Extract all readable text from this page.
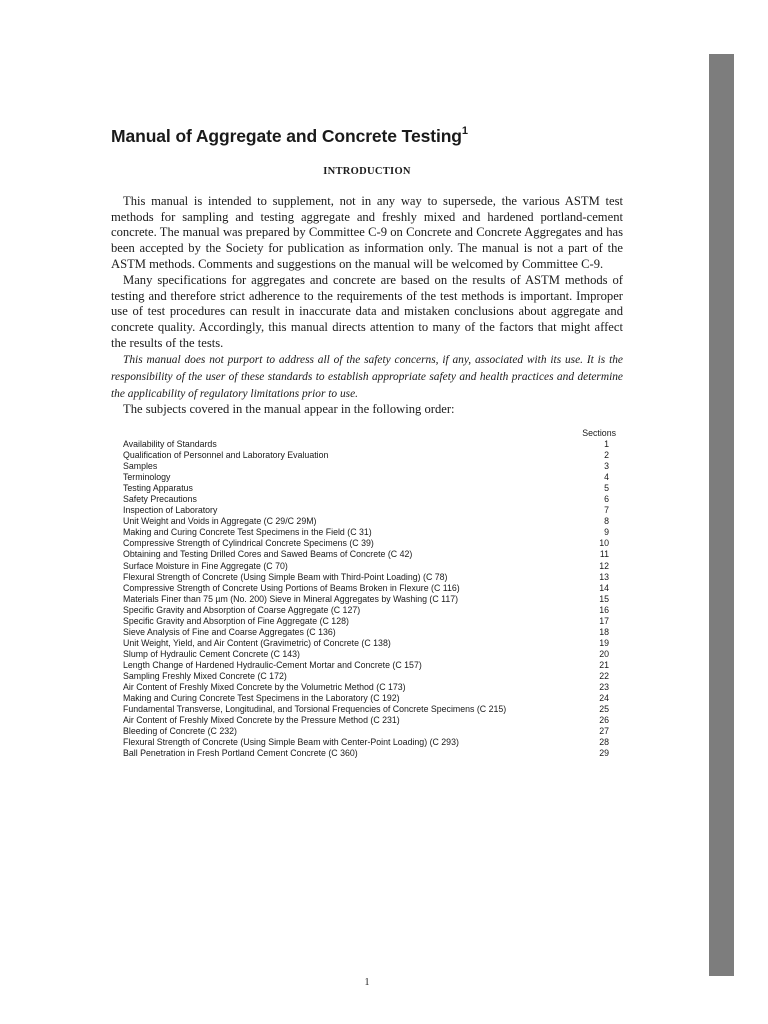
Manual of Aggregate and Concrete Testing$^1$
INTRODUCTION

This manual is intended to supplement, not in any way to supersede, the various ASTM test methods for sampling and testing aggregate and freshly mixed and hardened portland-cement concrete. The manual was prepared by Committee C-9 on Concrete and Concrete Aggregates and has been accepted by the Society for publication as information only. The manual is not a part of the ASTM methods. Comments and suggestions on the manual will be welcomed by Committee C-9.

Many specifications for aggregates and concrete are based on the results of ASTM methods of testing and therefore strict adherence to the requirements of the test methods is important. Improper use of test procedures can result in inaccurate data and mistaken conclusions about aggregate and concrete quality. Accordingly, this manual directs attention to many of the factors that might affect the results of the tests.

This manual does not purport to address all of the safety concerns, if any, associated with its use. It is the responsibility of the user of these standards to establish appropriate safety and health practices and determine the applicability of regulatory limitations prior to use.

The subjects covered in the manual appear in the following order:

Sections
Availability of Standards	1
Qualification of Personnel and Laboratory Evaluation	2
Samples	3
Terminology	4
Testing Apparatus	5
Safety Precautions	6
Inspection of Laboratory	7
Unit Weight and Voids in Aggregate (C 29/C 29M)	8
Making and Curing Concrete Test Specimens in the Field (C 31)	9
Compressive Strength of Cylindrical Concrete Specimens (C 39)	10
Obtaining and Testing Drilled Cores and Sawed Beams of Concrete (C 42)	11
Surface Moisture in Fine Aggregate (C 70)	12
Flexural Strength of Concrete (Using Simple Beam with Third-Point Loading) (C 78)	13
Compressive Strength of Concrete Using Portions of Beams Broken in Flexure (C 116)	14
Materials Finer than 75 µm (No. 200) Sieve in Mineral Aggregates by Washing (C 117)	15
Specific Gravity and Absorption of Coarse Aggregate (C 127)	16
Specific Gravity and Absorption of Fine Aggregate (C 128)	17
Sieve Analysis of Fine and Coarse Aggregates (C 136)	18
Unit Weight, Yield, and Air Content (Gravimetric) of Concrete (C 138)	19
Slump of Hydraulic Cement Concrete (C 143)	20
Length Change of Hardened Hydraulic-Cement Mortar and Concrete (C 157)	21
Sampling Freshly Mixed Concrete (C 172)	22
Air Content of Freshly Mixed Concrete by the Volumetric Method (C 173)	23
Making and Curing Concrete Test Specimens in the Laboratory (C 192)	24
Fundamental Transverse, Longitudinal, and Torsional Frequencies of Concrete Specimens (C 215)	25
Air Content of Freshly Mixed Concrete by the Pressure Method (C 231)	26
Bleeding of Concrete (C 232)	27
Flexural Strength of Concrete (Using Simple Beam with Center-Point Loading) (C 293)	28
Ball Penetration in Fresh Portland Cement Concrete (C 360)	29
1
